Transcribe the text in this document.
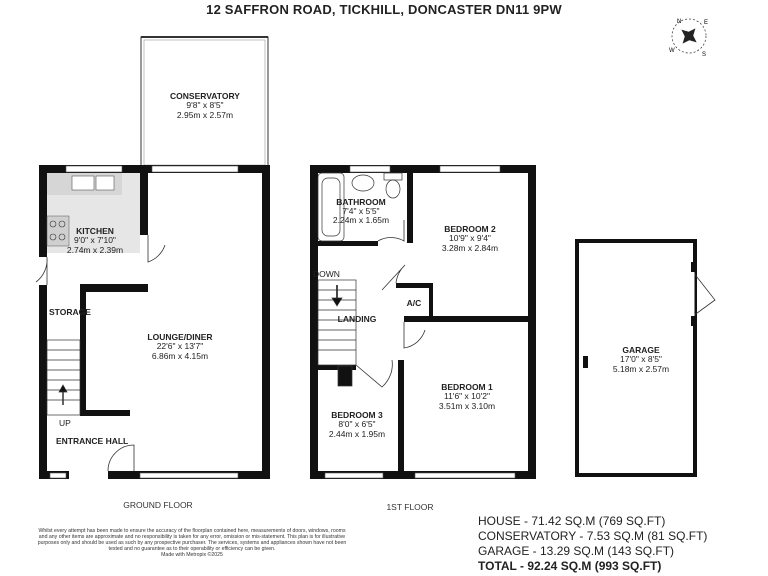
12 SAFFRON ROAD, TICKHILL, DONCASTER DN11 9PW
N	E
S
W
CONSERVATORY
9'8" x 8'5"
2.95m x 2.57m
KITCHEN
9'0" x 7'10"
2.74m x 2.39m
LOUNGE/DINER
22'6" x 13'7"
6.86m x 4.15m
STORAGE
ENTRANCE HALL
UP
BATHROOM
7'4" x 5'5"
2.24m x 1.65m
BEDROOM 2
10'9" x 9'4"
3.28m x 2.84m
DOWN
A/C
LANDING
BEDROOM 1
11'6" x 10'2"
3.51m x 3.10m
BEDROOM 3
8'0" x 6'5"
2.44m x 1.95m
GARAGE
17'0" x 8'5"
5.18m x 2.57m
GROUND FLOOR	1ST FLOOR
Whilst every attempt has been made to ensure the accuracy of the floorplan contained here, measurements of doors, windows, rooms and any other items are approximate and no responsibility is taken for any error, omission or mis-statement. This plan is for illustrative purposes only and should be used as such by any prospective purchaser. The services, systems and appliances shown have not been tested and no guarantee as to their operability or efficiency can be given.
Made with Metropix ©2025
HOUSE - 71.42 SQ.M (769 SQ.FT)
CONSERVATORY - 7.53 SQ.M (81 SQ.FT)
GARAGE - 13.29 SQ.M (143 SQ.FT)
TOTAL - 92.24 SQ.M (993 SQ.FT)
